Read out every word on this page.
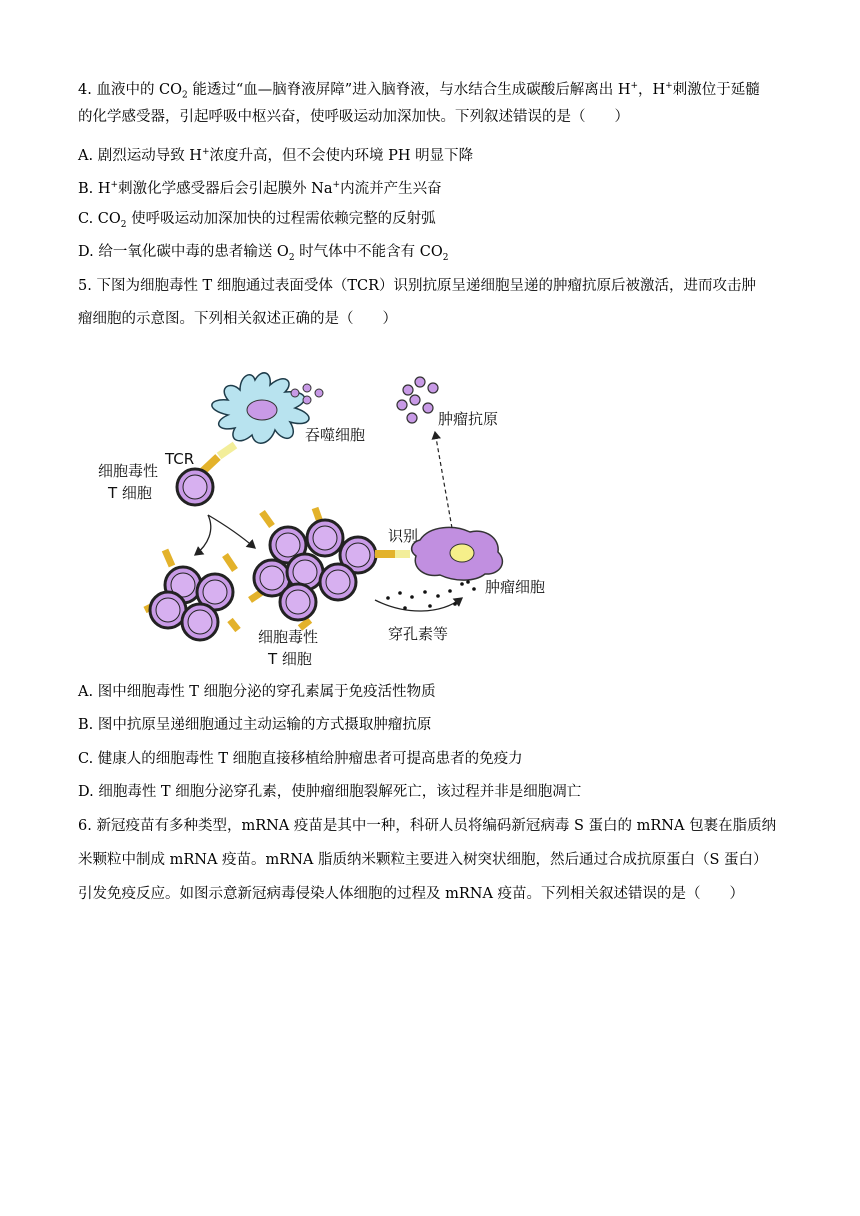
4. 血液中的 $CO_2$ 能透过“血—脑脊液屏障”进入脑脊液，与水结合生成碳酸后解离出 H+，H+刺激位于延髓
的化学感受器，引起呼吸中枢兴奋，使呼吸运动加深加快。下列叙述错误的是（　　）
A. 剧烈运动导致 H+浓度升高，但不会使内环境 PH 明显下降
B. H+刺激化学感受器后会引起膜外 Na+内流并产生兴奋
C. $CO_2$ 使呼吸运动加深加快的过程需依赖完整的反射弧
D. 给一氧化碳中毒的患者输送 $O_2$ 时气体中不能含有 $CO_2$
5. 下图为细胞毒性 T 细胞通过表面受体（TCR）识别抗原呈递细胞呈递的肿瘤抗原后被激活，进而攻击肿
瘤细胞的示意图。下列相关叙述正确的是（　　）
吞噬细胞
TCR
细胞毒性
T 细胞
细胞毒性
T 细胞
识别
肿瘤细胞
肿瘤抗原
穿孔素等
A. 图中细胞毒性 T 细胞分泌的穿孔素属于免疫活性物质
B. 图中抗原呈递细胞通过主动运输的方式摄取肿瘤抗原
C. 健康人的细胞毒性 T 细胞直接移植给肿瘤患者可提高患者的免疫力
D. 细胞毒性 T 细胞分泌穿孔素，使肿瘤细胞裂解死亡，该过程并非是细胞凋亡
6. 新冠疫苗有多种类型，mRNA 疫苗是其中一种，科研人员将编码新冠病毒 S 蛋白的 mRNA 包裹在脂质纳
米颗粒中制成 mRNA 疫苗。mRNA 脂质纳米颗粒主要进入树突状细胞，然后通过合成抗原蛋白（S 蛋白）
引发免疫反应。如图示意新冠病毒侵染人体细胞的过程及 mRNA 疫苗。下列相关叙述错误的是（　　）
